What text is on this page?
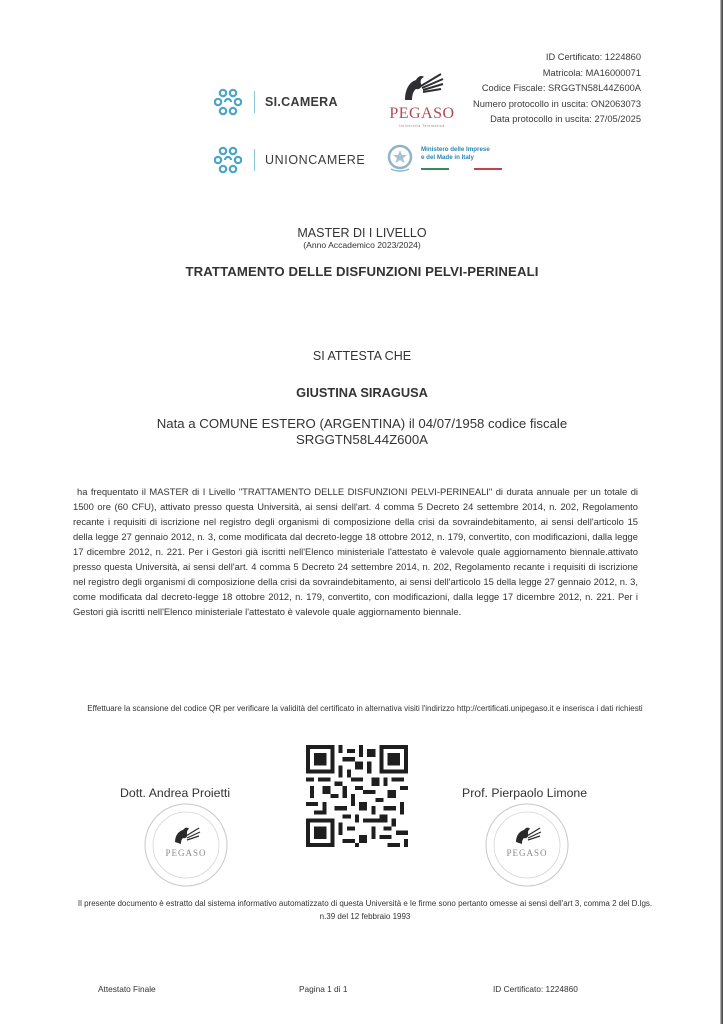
ID Certificato: 1224860
Matricola: MA16000071
Codice Fiscale: SRGGTN58L44Z600A
Numero protocollo in uscita: ON2063073
Data protocollo in uscita: 27/05/2025
SI.CAMERA
UNIONCAMERE
PEGASO
Università Telematica
Ministero delle Imprese
e del Made in Italy
MASTER DI I LIVELLO
(Anno Accademico 2023/2024)
TRATTAMENTO DELLE DISFUNZIONI PELVI-PERINEALI
SI ATTESTA CHE
GIUSTINA SIRAGUSA
Nata a COMUNE ESTERO (ARGENTINA) il 04/07/1958 codice fiscale
SRGGTN58L44Z600A
ha frequentato il MASTER di I Livello "TRATTAMENTO DELLE DISFUNZIONI PELVI-PERINEALI" di durata annuale per un totale di 1500 ore (60 CFU), attivato presso questa Università, ai sensi dell'art. 4 comma 5 Decreto 24 settembre 2014, n. 202, Regolamento recante i requisiti di iscrizione nel registro degli organismi di composizione della crisi da sovraindebitamento, ai sensi dell'articolo 15 della legge 27 gennaio 2012, n. 3, come modificata dal decreto-legge 18 ottobre 2012, n. 179, convertito, con modificazioni, dalla legge 17 dicembre 2012, n. 221. Per i Gestori già iscritti nell'Elenco ministeriale l'attestato è valevole quale aggiornamento biennale.attivato presso questa Università, ai sensi dell'art. 4 comma 5 Decreto 24 settembre 2014, n. 202, Regolamento recante i requisiti di iscrizione nel registro degli organismi di composizione della crisi da sovraindebitamento, ai sensi dell'articolo 15 della legge 27 gennaio 2012, n. 3, come modificata dal decreto-legge 18 ottobre 2012, n. 179, convertito, con modificazioni, dalla legge 17 dicembre 2012, n. 221. Per i Gestori già iscritti nell'Elenco ministeriale l'attestato è valevole quale aggiornamento biennale.
Effettuare la scansione del codice QR per verificare la validità del certificato in alternativa visiti l'indirizzo http://certificati.unipegaso.it e inserisca i dati richiesti
Dott. Andrea Proietti	Prof. Pierpaolo Limone
PEGASO	PEGASO
Il presente documento è estratto dal sistema informativo automatizzato di questa Università e le firme sono pertanto omesse ai sensi dell'art 3, comma 2 del D.lgs. n.39 del 12 febbraio 1993
Attestato Finale	Pagina 1 di 1	ID Certificato: 1224860
